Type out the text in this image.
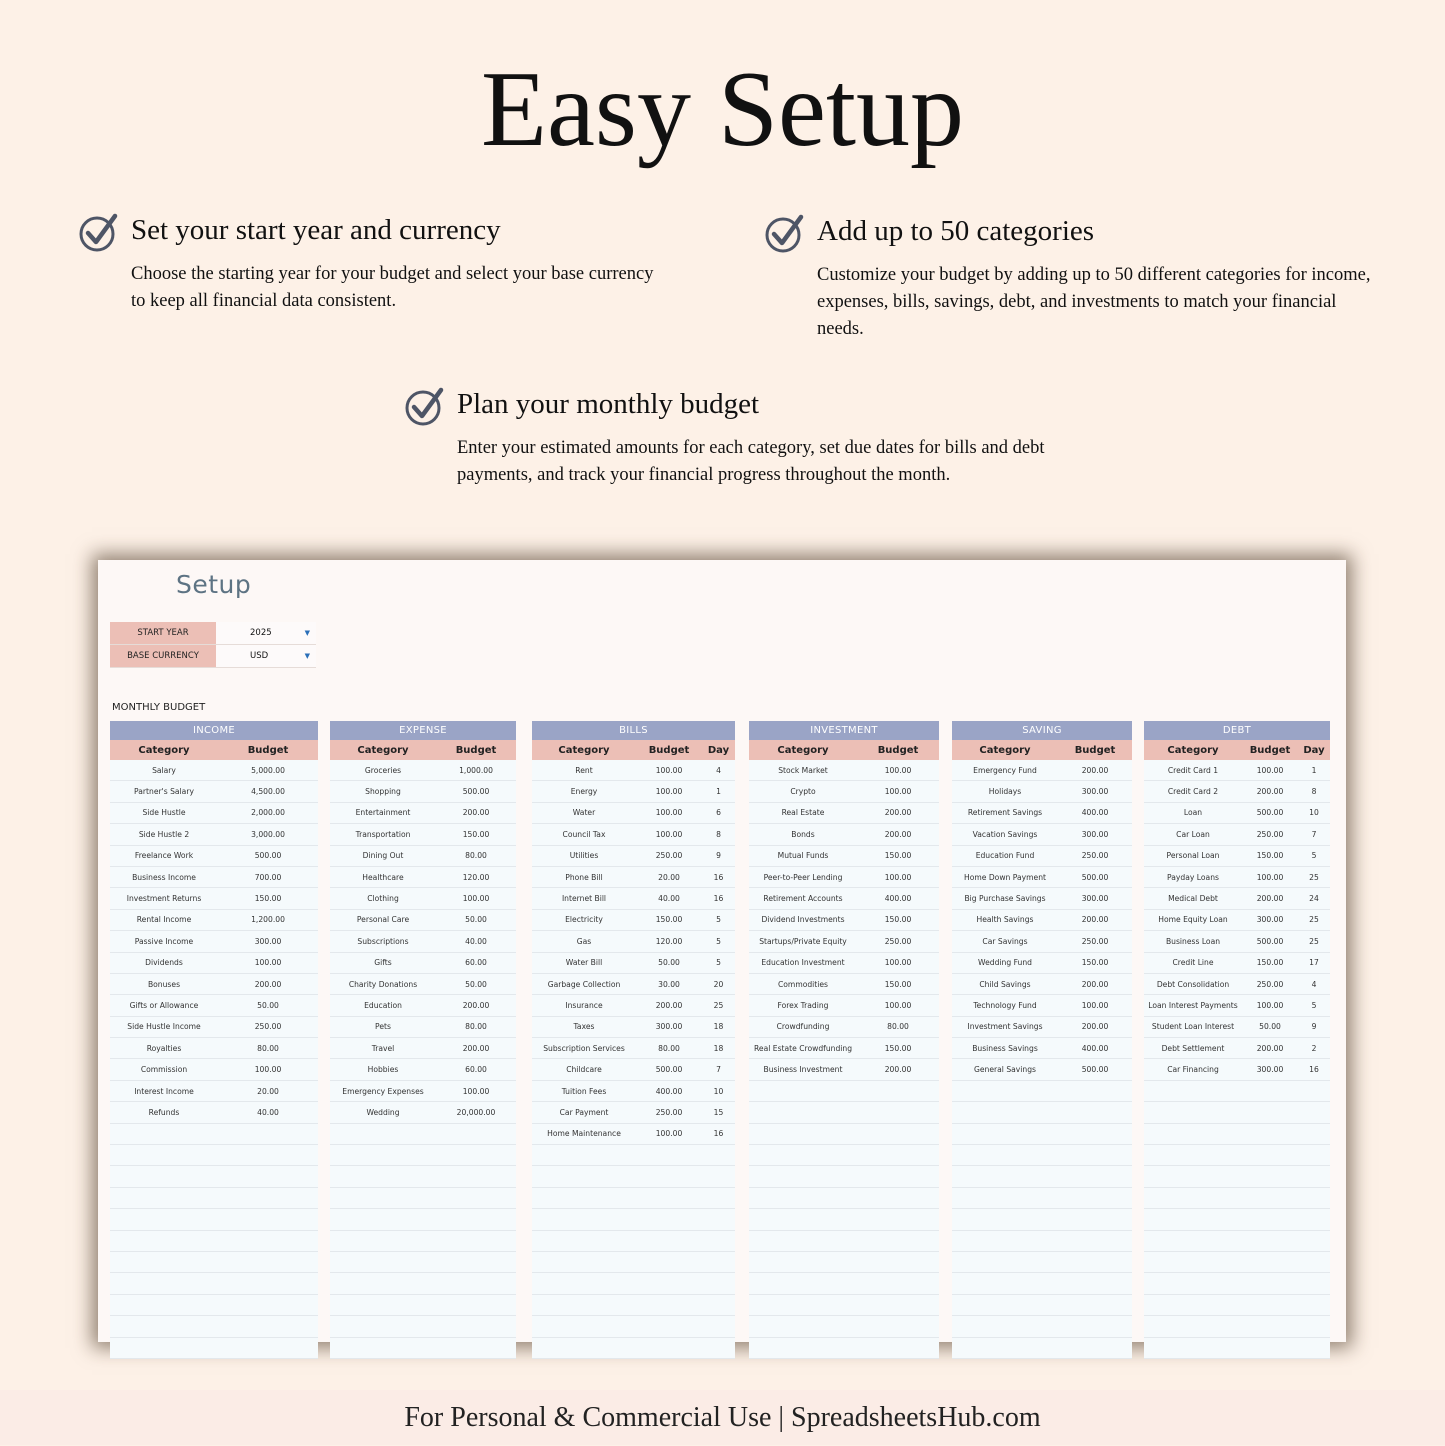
Easy Setup
Set your start year and currency

Choose the starting year for your budget and select your base currency to keep all financial data consistent.

Add up to 50 categories

Customize your budget by adding up to 50 different categories for income, expenses, bills, savings, debt, and investments to match your financial needs.

Plan your monthly budget

Enter your estimated amounts for each category, set due dates for bills and debt payments, and track your financial progress throughout the month.

Setup
START YEAR	2025	▼
BASE CURRENCY	USD	▼
MONTHLY BUDGET
INCOME
Category	Budget
Salary	5,000.00
Partner's Salary	4,500.00
Side Hustle	2,000.00
Side Hustle 2	3,000.00
Freelance Work	500.00
Business Income	700.00
Investment Returns	150.00
Rental Income	1,200.00
Passive Income	300.00
Dividends	100.00
Bonuses	200.00
Gifts or Allowance	50.00
Side Hustle Income	250.00
Royalties	80.00
Commission	100.00
Interest Income	20.00
Refunds	40.00
EXPENSE
Category	Budget
Groceries	1,000.00
Shopping	500.00
Entertainment	200.00
Transportation	150.00
Dining Out	80.00
Healthcare	120.00
Clothing	100.00
Personal Care	50.00
Subscriptions	40.00
Gifts	60.00
Charity Donations	50.00
Education	200.00
Pets	80.00
Travel	200.00
Hobbies	60.00
Emergency Expenses	100.00
Wedding	20,000.00
BILLS
Category	Budget	Day
Rent	100.00	4
Energy	100.00	1
Water	100.00	6
Council Tax	100.00	8
Utilities	250.00	9
Phone Bill	20.00	16
Internet Bill	40.00	16
Electricity	150.00	5
Gas	120.00	5
Water Bill	50.00	5
Garbage Collection	30.00	20
Insurance	200.00	25
Taxes	300.00	18
Subscription Services	80.00	18
Childcare	500.00	7
Tuition Fees	400.00	10
Car Payment	250.00	15
Home Maintenance	100.00	16
INVESTMENT
Category	Budget
Stock Market	100.00
Crypto	100.00
Real Estate	200.00
Bonds	200.00
Mutual Funds	150.00
Peer-to-Peer Lending	100.00
Retirement Accounts	400.00
Dividend Investments	150.00
Startups/Private Equity	250.00
Education Investment	100.00
Commodities	150.00
Forex Trading	100.00
Crowdfunding	80.00
Real Estate Crowdfunding	150.00
Business Investment	200.00
SAVING
Category	Budget
Emergency Fund	200.00
Holidays	300.00
Retirement Savings	400.00
Vacation Savings	300.00
Education Fund	250.00
Home Down Payment	500.00
Big Purchase Savings	300.00
Health Savings	200.00
Car Savings	250.00
Wedding Fund	150.00
Child Savings	200.00
Technology Fund	100.00
Investment Savings	200.00
Business Savings	400.00
General Savings	500.00
DEBT
Category	Budget	Day
Credit Card 1	100.00	1
Credit Card 2	200.00	8
Loan	500.00	10
Car Loan	250.00	7
Personal Loan	150.00	5
Payday Loans	100.00	25
Medical Debt	200.00	24
Home Equity Loan	300.00	25
Business Loan	500.00	25
Credit Line	150.00	17
Debt Consolidation	250.00	4
Loan Interest Payments	100.00	5
Student Loan Interest	50.00	9
Debt Settlement	200.00	2
Car Financing	300.00	16
For Personal & Commercial Use | SpreadsheetsHub.com
